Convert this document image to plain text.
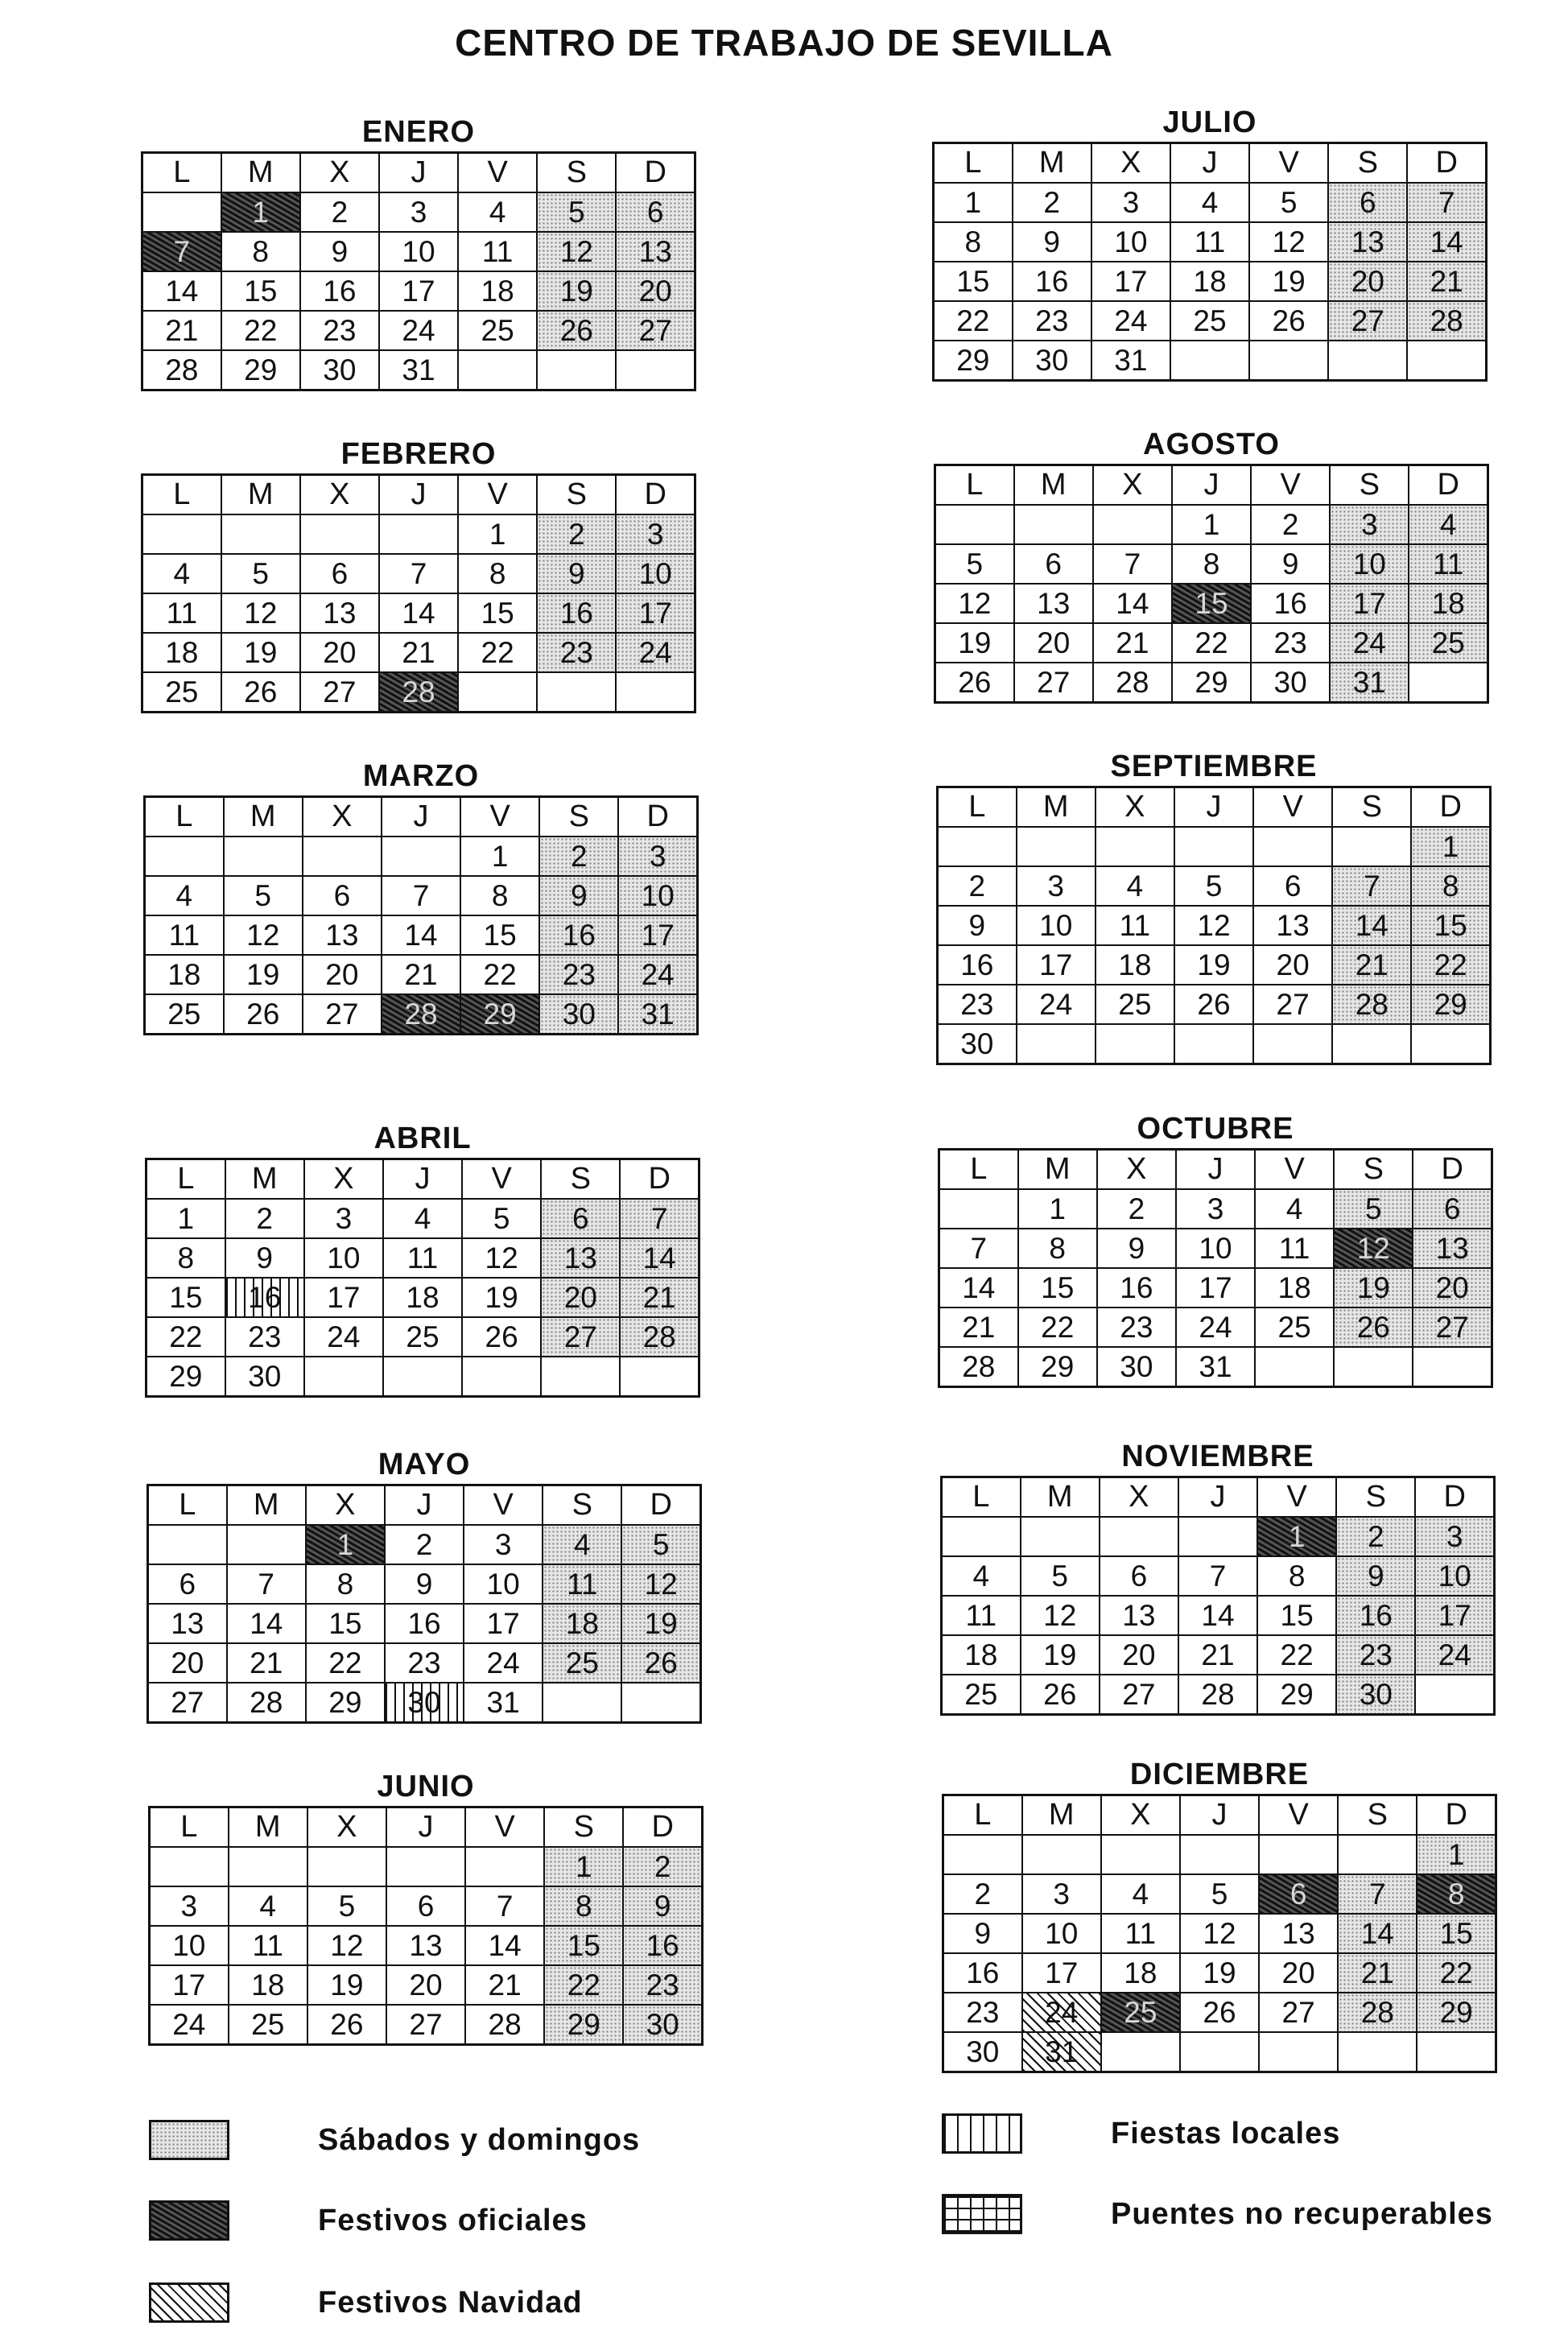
CENTRO DE TRABAJO DE SEVILLA
ENERO
L	M	X	J	V	S	D
	1	2	3	4	5	6
7	8	9	10	11	12	13
14	15	16	17	18	19	20
21	22	23	24	25	26	27
28	29	30	31			
FEBRERO
L	M	X	J	V	S	D
				1	2	3
4	5	6	7	8	9	10
11	12	13	14	15	16	17
18	19	20	21	22	23	24
25	26	27	28			
MARZO
L	M	X	J	V	S	D
				1	2	3
4	5	6	7	8	9	10
11	12	13	14	15	16	17
18	19	20	21	22	23	24
25	26	27	28	29	30	31
ABRIL
L	M	X	J	V	S	D
1	2	3	4	5	6	7
8	9	10	11	12	13	14
15	16	17	18	19	20	21
22	23	24	25	26	27	28
29	30					
MAYO
L	M	X	J	V	S	D
		1	2	3	4	5
6	7	8	9	10	11	12
13	14	15	16	17	18	19
20	21	22	23	24	25	26
27	28	29	30	31		
JUNIO
L	M	X	J	V	S	D
					1	2
3	4	5	6	7	8	9
10	11	12	13	14	15	16
17	18	19	20	21	22	23
24	25	26	27	28	29	30
JULIO
L	M	X	J	V	S	D
1	2	3	4	5	6	7
8	9	10	11	12	13	14
15	16	17	18	19	20	21
22	23	24	25	26	27	28
29	30	31				
AGOSTO
L	M	X	J	V	S	D
			1	2	3	4
5	6	7	8	9	10	11
12	13	14	15	16	17	18
19	20	21	22	23	24	25
26	27	28	29	30	31	
SEPTIEMBRE
L	M	X	J	V	S	D
						1
2	3	4	5	6	7	8
9	10	11	12	13	14	15
16	17	18	19	20	21	22
23	24	25	26	27	28	29
30						
OCTUBRE
L	M	X	J	V	S	D
	1	2	3	4	5	6
7	8	9	10	11	12	13
14	15	16	17	18	19	20
21	22	23	24	25	26	27
28	29	30	31			
NOVIEMBRE
L	M	X	J	V	S	D
				1	2	3
4	5	6	7	8	9	10
11	12	13	14	15	16	17
18	19	20	21	22	23	24
25	26	27	28	29	30	
DICIEMBRE
L	M	X	J	V	S	D
						1
2	3	4	5	6	7	8
9	10	11	12	13	14	15
16	17	18	19	20	21	22
23	24	25	26	27	28	29
30	31					
Sábados y domingos	Fiestas locales
Festivos oficiales	Puentes no recuperables
Festivos Navidad
